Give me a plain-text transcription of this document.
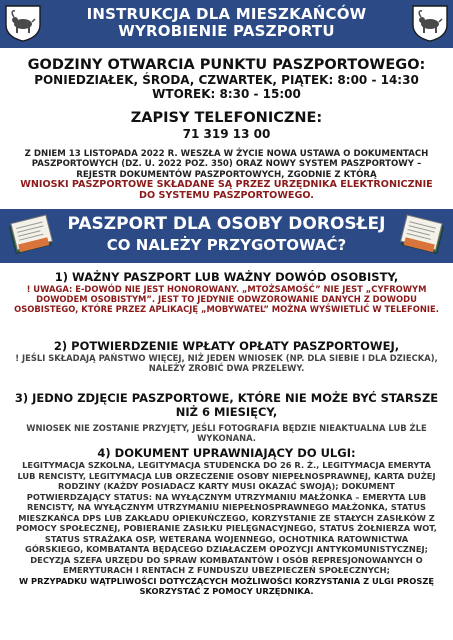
INSTRUKCJA DLA MIESZKAŃCÓW
WYROBIENIE PASZPORTU
GODZINY OTWARCIA PUNKTU PASZPORTOWEGO:
PONIEDZIAŁEK, ŚRODA, CZWARTEK, PIĄTEK: 8:00 - 14:30
WTOREK: 8:30 - 15:00
ZAPISY TELEFONICZNE:
71 319 13 00
Z DNIEM 13 LISTOPADA 2022 R. WESZŁA W ŻYCIE NOWA USTAWA O DOKUMENTACH
PASZPORTOWYCH (DZ. U. 2022 POZ. 350) ORAZ NOWY SYSTEM PASZPORTOWY –
REJESTR DOKUMENTÓW PASZPORTOWYCH, ZGODNIE Z KTÓRĄ
WNIOSKI PASZPORTOWE SKŁADANE SĄ PRZEZ URZĘDNIKA ELEKTRONICZNIE
DO SYSTEMU PASZPORTOWEGO.
PASZPORT DLA OSOBY DOROSŁEJ
CO NALEŻY PRZYGOTOWAĆ?
1) WAŻNY PASZPORT LUB WAŻNY DOWÓD OSOBISTY,
! UWAGA: E-DOWÓD NIE JEST HONOROWANY. „MTOŻSAMOŚĆ” NIE JEST „CYFROWYM
DOWODEM OSOBISTYM”. JEST TO JEDYNIE ODWZOROWANIE DANYCH Z DOWODU
OSOBISTEGO, KTÓRE PRZEZ APLIKACJĘ „MOBYWATEL” MOŻNA WYŚWIETLIĆ W TELEFONIE.
2) POTWIERDZENIE WPŁATY OPŁATY PASZPORTOWEJ,
! JEŚLI SKŁADAJĄ PAŃSTWO WIĘCEJ, NIŻ JEDEN WNIOSEK (NP. DLA SIEBIE I DLA DZIECKA),
NALEŻY ZROBIĆ DWA PRZELEWY.
3) JEDNO ZDJĘCIE PASZPORTOWE, KTÓRE NIE MOŻE BYĆ STARSZE
NIŻ 6 MIESIĘCY,
WNIOSEK NIE ZOSTANIE PRZYJĘTY, JEŚLI FOTOGRAFIA BĘDZIE NIEAKTUALNA LUB ŹLE
WYKONANA.
4) DOKUMENT UPRAWNIAJĄCY DO ULGI:
LEGITYMACJA SZKOLNA, LEGITYMACJA STUDENCKA DO 26 R. Ż., LEGITYMACJA EMERYTA
LUB RENCISTY, LEGITYMACJA LUB ORZECZENIE OSOBY NIEPEŁNOSPRAWNEJ, KARTA DUŻEJ
RODZINY (KAŻDY POSIADACZ KARTY MUSI OKAZAĆ SWOJĄ); DOKUMENT
POTWIERDZAJĄCY STATUS: NA WYŁĄCZNYM UTRZYMANIU MAŁŻONKA – EMERYTA LUB
RENCISTY, NA WYŁĄCZNYM UTRZYMANIU NIEPEŁNOSPRAWNEGO MAŁŻONKA, STATUS
MIESZKAŃCA DPS LUB ZAKŁADU OPIEKUŃCZEGO, KORZYSTANIE ZE STAŁYCH ZASIŁKÓW Z
POMOCY SPOŁECZNEJ, POBIERANIE ZASIŁKU PIELĘGNACYJNEGO, STATUS ŻOŁNIERZA WOT,
STATUS STRAŻAKA OSP, WETERANA WOJENNEGO, OCHOTNIKA RATOWNICTWA
GÓRSKIEGO, KOMBATANTA BĘDĄCEGO DZIAŁACZEM OPOZYCJI ANTYKOMUNISTYCZNEJ;
DECYZJA SZEFA URZĘDU DO SPRAW KOMBATANTÓW I OSÓB REPRESJONOWANYCH O
EMERYTURACH I RENTACH Z FUNDUSZU UBEZPIECZEŃ SPOŁECZNYCH;
W PRZYPADKU WĄTPLIWOŚCI DOTYCZĄCYCH MOŻLIWOŚCI KORZYSTANIA Z ULGI PROSZĘ
SKORZYSTAĆ Z POMOCY URZĘDNIKA.
